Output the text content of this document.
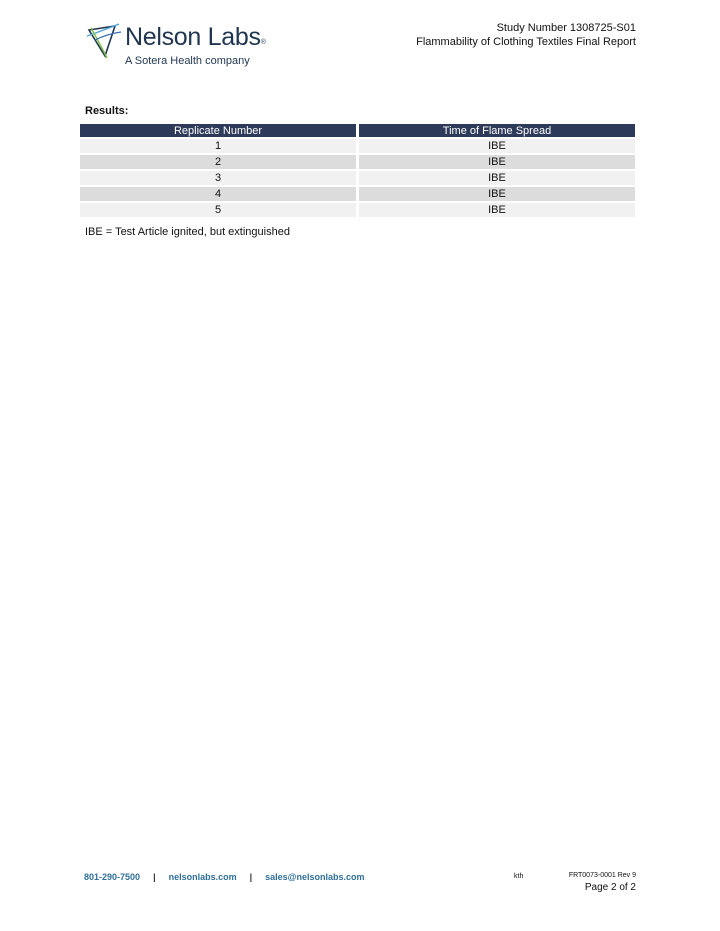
Nelson Labs®
A Sotera Health company
Study Number 1308725-S01
Flammability of Clothing Textiles Final Report
Results:
Replicate Number	Time of Flame Spread
1	IBE
2	IBE
3	IBE
4	IBE
5	IBE
IBE = Test Article ignited, but extinguished
801-290-7500 | nelsonlabs.com | sales@nelsonlabs.com	kth	FRT0073-0001 Rev 9
Page 2 of 2
